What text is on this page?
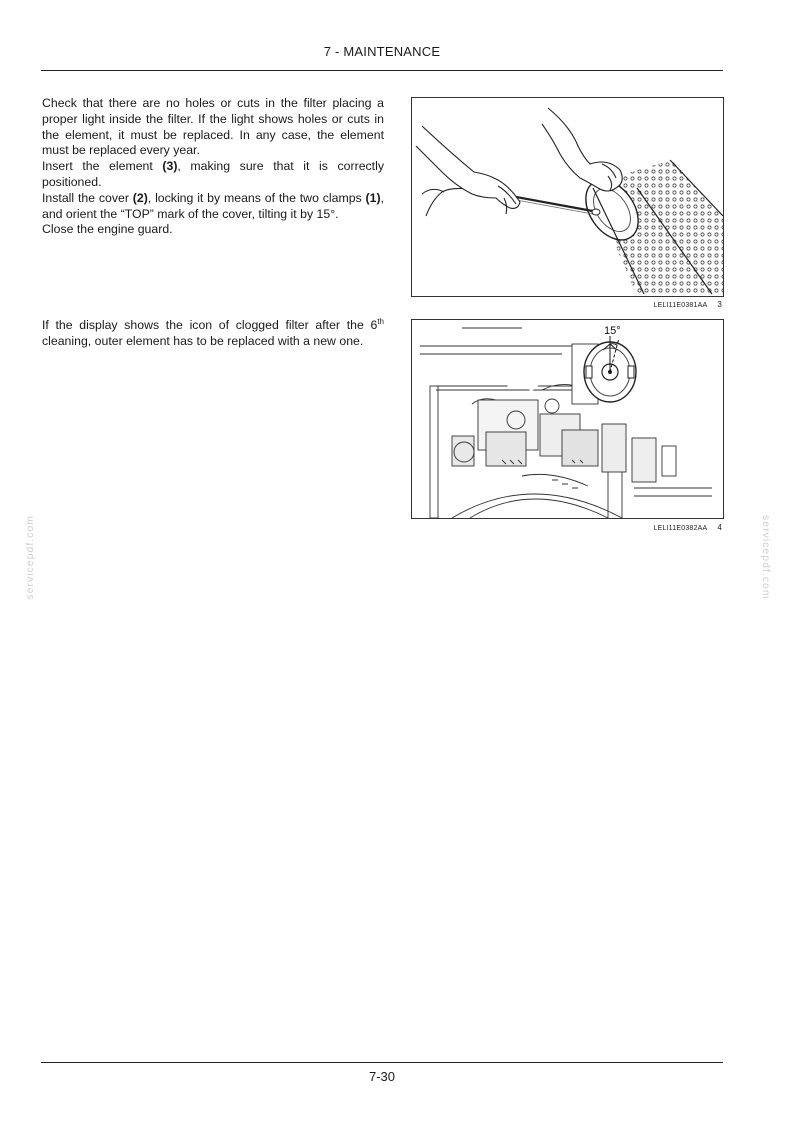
7 - MAINTENANCE

Check that there are no holes or cuts in the filter placing a proper light inside the filter. If the light shows holes or cuts in the element, it must be replaced. In any case, the element must be replaced every year.

Insert the element (3), making sure that it is correctly positioned.

Install the cover (2), locking it by means of the two clamps (1), and orient the “TOP” mark of the cover, tilting it by 15°.

Close the engine guard.

If the display shows the icon of clogged filter after the 6th cleaning, outer element has to be replaced with a new one.

LELI11E0381AA 3
15°
LELI11E0382AA 4
servicepdf.com	servicepdf.com
7-30
